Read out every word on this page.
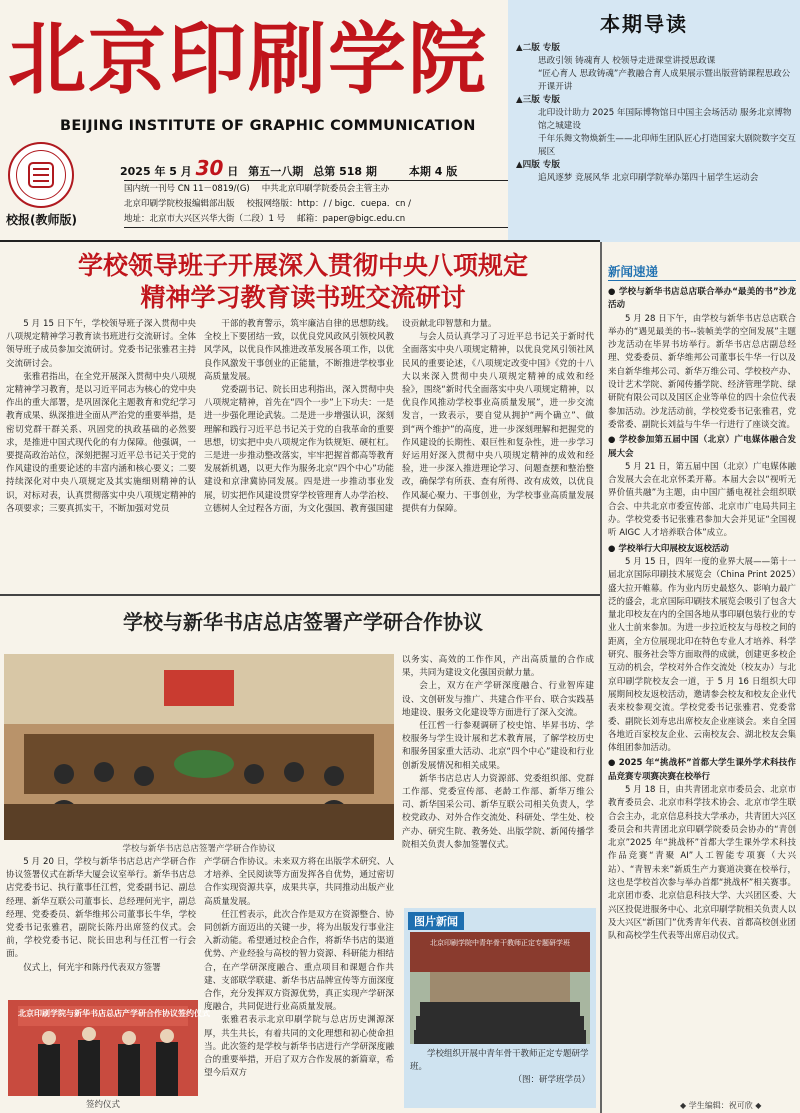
北京印刷学院
BEIJING INSTITUTE OF GRAPHIC COMMUNICATION
校报(教师版)
2025 年 5 月 30 日 第五一八期 总第 518 期	本期 4 版
国内统一刊号 CN 11－0819/(G) 中共北京印刷学院委员会主管主办
北京印刷学院校报编辑部出版 校报网络版：http：/ / bigc．cuepa．cn /
地址：北京市大兴区兴华大街（二段）1 号 邮箱：paper@bigc.edu.cn
本期导读
▲二版 专版
思政引领 铸魂育人 校领导走进课堂讲授思政课
“匠心育人 思政铸魂”产教融合育人成果展示暨出版营销课程思政公开课开讲
▲三版 专版
北印设计助力 2025 年国际博物馆日中国主会场活动 服务北京博物馆之城建设
千年乐舞文物焕新生——北印师生团队匠心打造国家大剧院数字交互展区
▲四版 专版
追风逐梦 竞展风华 北京印刷学院举办第四十届学生运动会
学校领导班子开展深入贯彻中央八项规定
精神学习教育读书班交流研讨

5 月 15 日下午，学校领导班子深入贯彻中央八项规定精神学习教育读书班进行交流研讨。全体领导班子成员参加交流研讨。党委书记张雅君主持交流研讨会。

张雅君指出，在全党开展深入贯彻中央八项规定精神学习教育，是以习近平同志为核心的党中央作出的重大部署，是巩固深化主题教育和党纪学习教育成果、纵深推进全面从严治党的重要举措，是密切党群干群关系、巩固党的执政基础的必然要求，是推进中国式现代化的有力保障。他强调，一要提高政治站位，深刻把握习近平总书记关于党的作风建设的重要论述的丰富内涵和核心要义；二要持续深化对中央八项规定及其实施细则精神的认识，对标对表，认真贯彻落实中央八项规定精神的各项要求；三要真抓实干，不断加强对党员

干部的教育警示，筑牢廉洁自律的思想防线。全校上下要团结一致，以优良党风政风引领校风教风学风，以优良作风推进改革发展各项工作，以优良作风激发干事创业的正能量，不断推进学校事业高质量发展。

党委副书记、院长田忠利指出，深入贯彻中央八项规定精神，首先在“四个一步”上下功夫：一是进一步强化理论武装。二是进一步增强认识，深刻理解和践行习近平总书记关于党的自我革命的重要思想，切实把中央八项规定作为铁规矩、硬杠杠。三是进一步推动整改落实，牢牢把握首都高等教育发展新机遇，以更大作为服务北京“四个中心”功能建设和京津冀协同发展。四是进一步推动事业发展，切实把作风建设贯穿学校管理育人办学治校、立德树人全过程各方面，为文化强国、教育强国建

设贡献北印智慧和力量。

与会人员认真学习了习近平总书记关于新时代全面落实中央八项规定精神，以优良党风引领社风民风的重要论述，《八项规定改变中国》《党的十八大以来深入贯彻中央八项规定精神的成效和经验》，围绕“新时代全面落实中央八项规定精神，以优良作风推动学校事业高质量发展”，进一步交流发言，一致表示，要自觉从拥护“两个确立”、做到“两个维护”的高度，进一步深刻理解和把握党的作风建设的长期性、艰巨性和复杂性，进一步学习好运用好深入贯彻中央八项规定精神的成效和经验，进一步深入推进理论学习、问题查摆和整治整改，确保学有所获、查有所得、改有成效，以优良作风凝心聚力、干事创业，为学校事业高质量发展提供有力保障。

学校与新华书店总店签署产学研合作协议
学校与新华书店总店签署产学研合作协议

5 月 20 日，学校与新华书店总店产学研合作协议签署仪式在新华大厦会议室举行。新华书店总店党委书记、执行董事任江哲，党委副书记、副总经理、新华互联公司董事长、总经理何光宇，副总经理、党委委员、新华维邦公司董事长牛华，学校党委书记张雅君，副院长陈丹出席签约仪式。会前，学校党委书记、院长田忠利与任江哲一行会面。

仪式上，何光宇和陈丹代表双方签署

北京印刷学院与新华书店总店产学研合作协议签约仪式
签约仪式

产学研合作协议。未来双方将在出版学术研究、人才培养、全民阅读等方面发挥各自优势，通过密切合作实现资源共享，成果共享，共同推动出版产业高质量发展。

任江哲表示，此次合作是双方在资源整合、协同创新方面迈出的关键一步，将为出版发行事业注入新动能。希望通过校企合作，将新华书店的渠道优势、产业经验与高校的智力资源、科研能力相结合，在产学研深度融合、重点项目和课题合作共建、支部联学联建、新华书店品牌宣传等方面深度合作，充分发挥双方资源优势，真正实现产学研深度融合，共同促进行业高质量发展。

张雅君表示北京印刷学院与总店历史渊源深厚，共生共长，有着共同的文化理想和初心使命担当。此次签约是学校与新华书店进行产学研深度融合的重要举措，开启了双方合作发展的新篇章，希望今后双方

以务实、高效的工作作风，产出高质量的合作成果，共同为建设文化强国贡献力量。

会上，双方在产学研深度融合、行业智库建设、文创研发与推广、共建合作平台、联合实践基地建设、服务文化建设等方面进行了深入交流。

任江哲一行参观调研了校史馆、毕昇书坊、学校服务与学生设计展和艺术教育展，了解学校历史和服务国家重大活动、北京“四个中心”建设和行业创新发展情况和相关成果。

新华书店总店人力资源部、党委组织部、党群工作部、党委宣传部、老龄工作部、新华万维公司、新华国采公司、新华互联公司相关负责人，学校党政办、对外合作交流处、科研处、学生处、校产办、研究生院、教务处、出版学院、新闻传播学院相关负责人参加签署仪式。

图片新闻
北京印刷学院中青年骨干教师正定专题研学班
学校组织开展中青年骨干教师正定专题研学班。
（图：研学班学员）
新闻速递
● 学校与新华书店总店联合举办“最美的书”沙龙活动

5 月 28 日下午，由学校与新华书店总店联合举办的“遇见最美的书--装帧美学的空间发展”主题沙龙活动在毕昇书坊举行。新华书店总店副总经理、党委委员、新华维邦公司董事长牛华一行以及来自新华维邦公司、新华万维公司、学校校产办、设计艺术学院、新闻传播学院、经济管理学院、绿研院有限公司以及国区企业等单位的四十余位代表参加活动。沙龙活动前，学校党委书记张雅君，党委常委、副院长刘益与牛华一行进行了座谈交流。

● 学校参加第五届中国（北京）广电媒体融合发展大会

5 月 21 日，第五届中国（北京）广电媒体融合发展大会在北京怀柔开幕。本届大会以“视听无界价值共融”为主题，由中国广播电视社会组织联合会、中共北京市委宣传部、北京市广电局共同主办。学校党委书记张雅君参加大会并见证“全国视听 AIGC 人才培养联合体”成立。

● 学校举行大印展校友返校活动

5 月 15 日，四年一度的业界大展——第十一届北京国际印刷技术展览会（China Print 2025）盛大拉开帷幕。作为业内历史最悠久、影响力最广泛的盛会，北京国际印刷技术展览会吸引了包含大量北印校友在内的全国各地从事印刷包装行业的专业人士前来参加。为进一步拉近校友与母校之间的距离，全方位展现北印在特色专业人才培养、科学研究、服务社会等方面取得的成就，创建更多校企互动的机会，学校对外合作交流处（校友办）与北京印刷学院校友会一道，于 5 月 16 日组织大印展期间校友返校活动，邀请参会校友和校友企业代表来校参观交流。学校党委书记张雅君、党委常委、副院长刘寿忠出席校友企业座谈会。来自全国各地近百家校友企业、云南校友会、湖北校友会集体组团参加活动。

● 2025 年“挑战杯”首都大学生课外学术科技作品竞赛专项赛决赛在校举行

5 月 18 日，由共青团北京市委员会、北京市教育委员会、北京市科学技术协会、北京市学生联合会主办，北京信息科技大学承办，共青团大兴区委员会和共青团北京印刷学院委员会协办的“青创北京”2025 年“挑战杯”首都大学生课外学术科技作品竞赛“青聚 AI”人工智能专项赛（大兴站）、“青智未来”新质生产力赛道决赛在校举行，这也是学校首次参与举办首都“挑战杯”相关赛事。北京团市委、北京信息科技大学、大兴团区委、大兴区投促进服务中心、北京印刷学院相关负责人以及大兴区“新国门”优秀青年代表、首都高校创业团队和高校学生代表等出席启动仪式。

◆ 学生编辑：祝可欣 ◆
